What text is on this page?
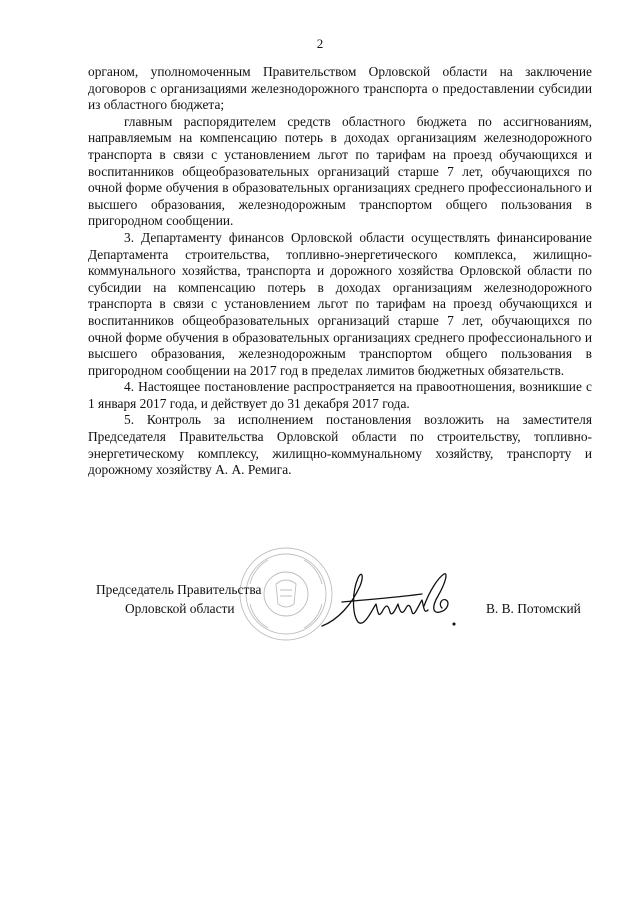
2

органом, уполномоченным Правительством Орловской области на заключение договоров с организациями железнодорожного транспорта о предоставлении субсидии из областного бюджета;

главным распорядителем средств областного бюджета по ассигнованиям, направляемым на компенсацию потерь в доходах организациям железнодорожного транспорта в связи с установлением льгот по тарифам на проезд обучающихся и воспитанников общеобразовательных организаций старше 7 лет, обучающихся по очной форме обучения в образовательных организациях среднего профессионального и высшего образования, железнодорожным транспортом общего пользования в пригородном сообщении.

3. Департаменту финансов Орловской области осуществлять финансирование Департамента строительства, топливно-энергетического комплекса, жилищно-коммунального хозяйства, транспорта и дорожного хозяйства Орловской области по субсидии на компенсацию потерь в доходах организациям железнодорожного транспорта в связи с установлением льгот по тарифам на проезд обучающихся и воспитанников общеобразовательных организаций старше 7 лет, обучающихся по очной форме обучения в образовательных организациях среднего профессионального и высшего образования, железнодорожным транспортом общего пользования в пригородном сообщении на 2017 год в пределах лимитов бюджетных обязательств.

4. Настоящее постановление распространяется на правоотношения, возникшие с 1 января 2017 года, и действует до 31 декабря 2017 года.

5. Контроль за исполнением постановления возложить на заместителя Председателя Правительства Орловской области по строительству, топливно-энергетическому комплексу, жилищно-коммунальному хозяйству, транспорту и дорожному хозяйству А. А. Ремига.

Председатель Правительства
Орловской области	В. В. Потомский
